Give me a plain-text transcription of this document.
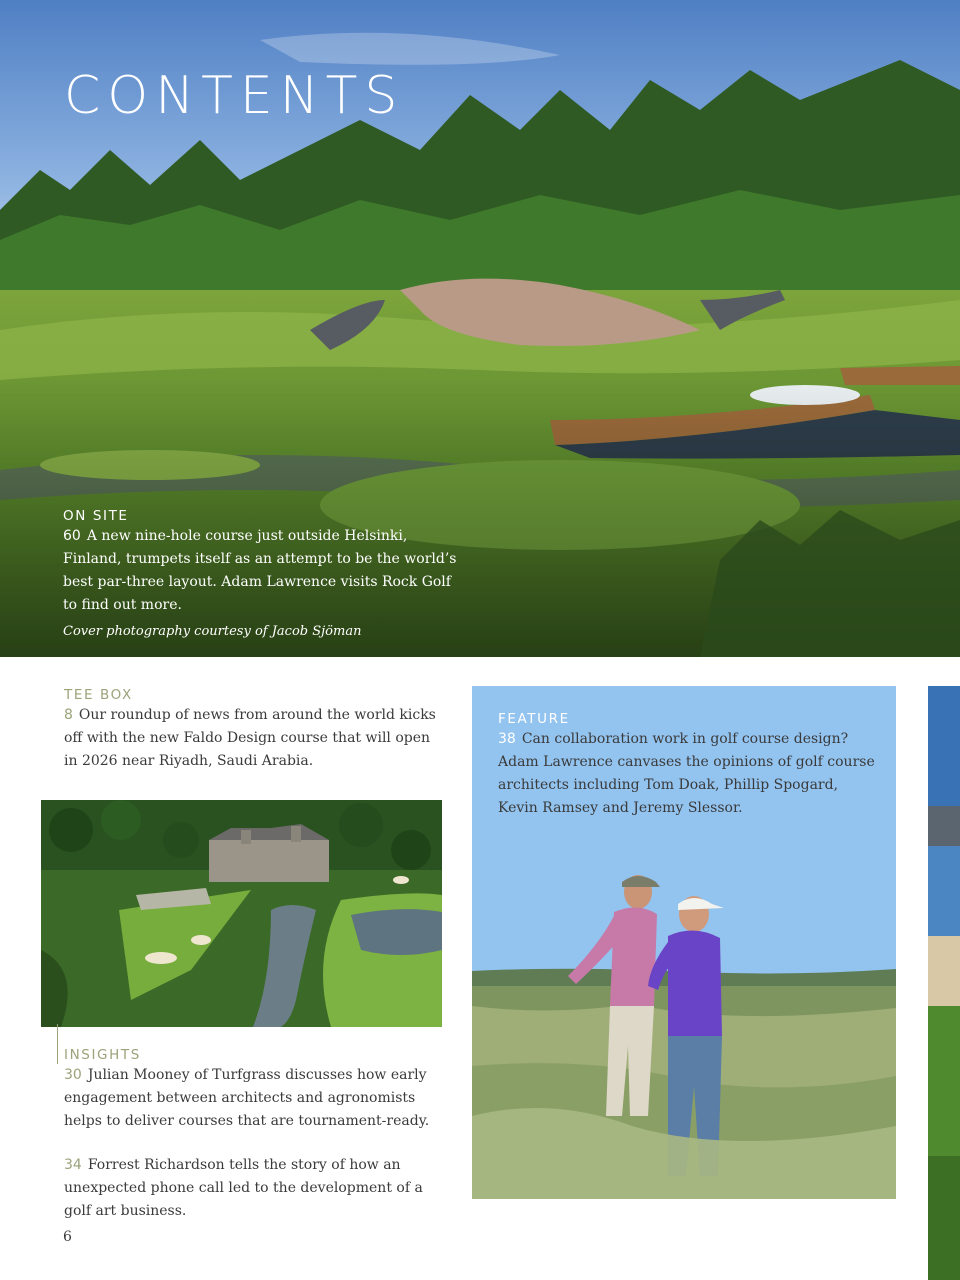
CONTENTS
ON SITE

60 A new nine-hole course just outside Helsinki, Finland, trumpets itself as an attempt to be the world’s best par-three layout. Adam Lawrence visits Rock Golf to find out more.

Cover photography courtesy of Jacob Sjöman

TEE BOX

8 Our roundup of news from around the world kicks off with the new Faldo Design course that will open in 2026 near Riyadh, Saudi Arabia.

INSIGHTS

30 Julian Mooney of Turfgrass discusses how early engagement between architects and agronomists helps to deliver courses that are tournament-ready.

34 Forrest Richardson tells the story of how an unexpected phone call led to the development of a golf art business.

FEATURE

38 Can collaboration work in golf course design? Adam Lawrence canvases the opinions of golf course architects including Tom Doak, Phillip Spogard, Kevin Ramsey and Jeremy Slessor.

6
